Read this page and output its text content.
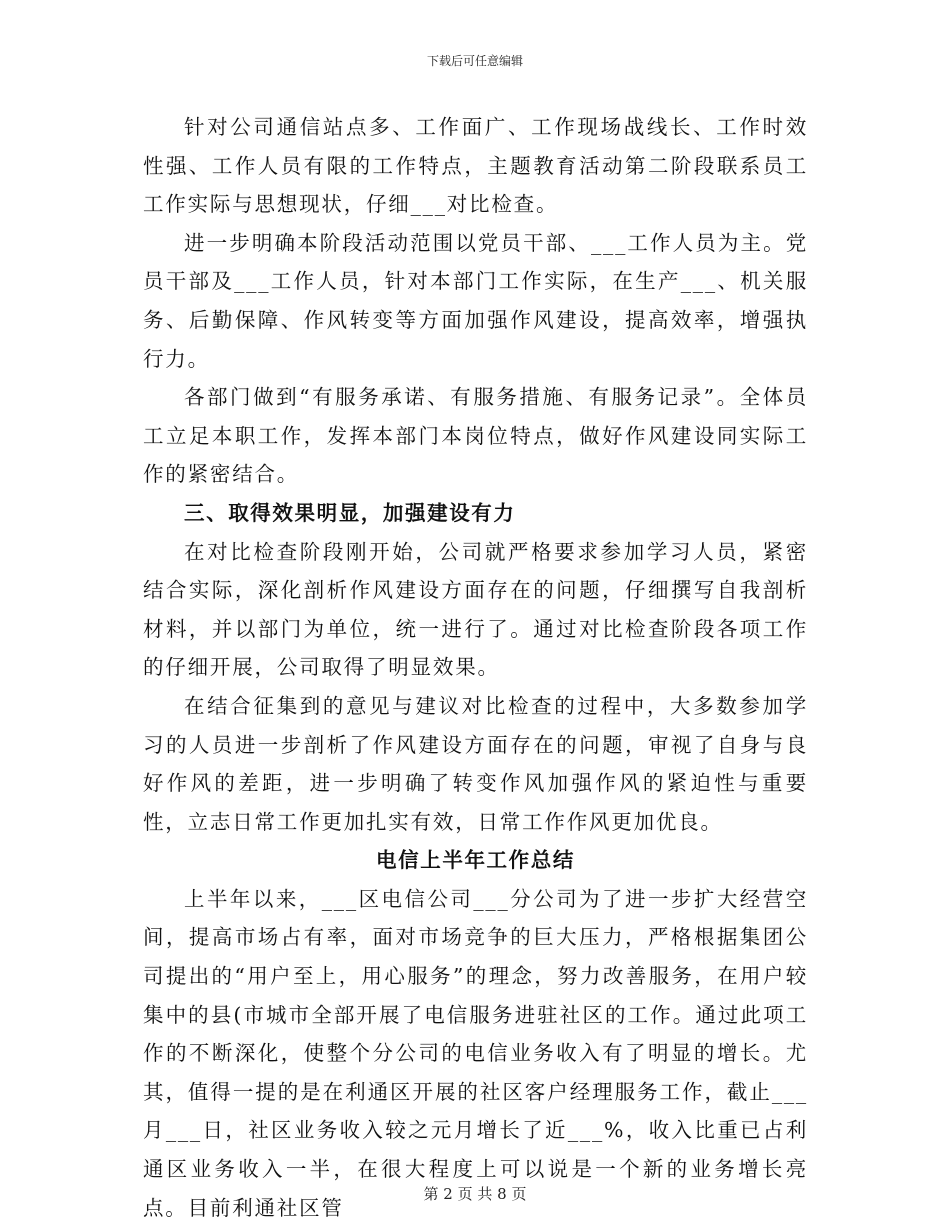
下载后可任意编辑

针对公司通信站点多、工作面广、工作现场战线长、工作时效性强、工作人员有限的工作特点，主题教育活动第二阶段联系员工工作实际与思想现状，仔细___对比检查。

进一步明确本阶段活动范围以党员干部、___工作人员为主。党员干部及___工作人员，针对本部门工作实际，在生产___、机关服务、后勤保障、作风转变等方面加强作风建设，提高效率，增强执行力。

各部门做到“有服务承诺、有服务措施、有服务记录”。全体员工立足本职工作，发挥本部门本岗位特点，做好作风建设同实际工作的紧密结合。

三、取得效果明显，加强建设有力

在对比检查阶段刚开始，公司就严格要求参加学习人员，紧密结合实际，深化剖析作风建设方面存在的问题，仔细撰写自我剖析材料，并以部门为单位，统一进行了。通过对比检查阶段各项工作的仔细开展，公司取得了明显效果。

在结合征集到的意见与建议对比检查的过程中，大多数参加学习的人员进一步剖析了作风建设方面存在的问题，审视了自身与良好作风的差距，进一步明确了转变作风加强作风的紧迫性与重要性，立志日常工作更加扎实有效，日常工作作风更加优良。

电信上半年工作总结

上半年以来，___区电信公司___分公司为了进一步扩大经营空间，提高市场占有率，面对市场竞争的巨大压力，严格根据集团公司提出的“用户至上，用心服务”的理念，努力改善服务，在用户较集中的县(市城市全部开展了电信服务进驻社区的工作。通过此项工作的不断深化，使整个分公司的电信业务收入有了明显的增长。尤其，值得一提的是在利通区开展的社区客户经理服务工作，截止___月___日，社区业务收入较之元月增长了近___%，收入比重已占利通区业务收入一半，在很大程度上可以说是一个新的业务增长亮点。目前利通社区管

第 2 页 共 8 页
